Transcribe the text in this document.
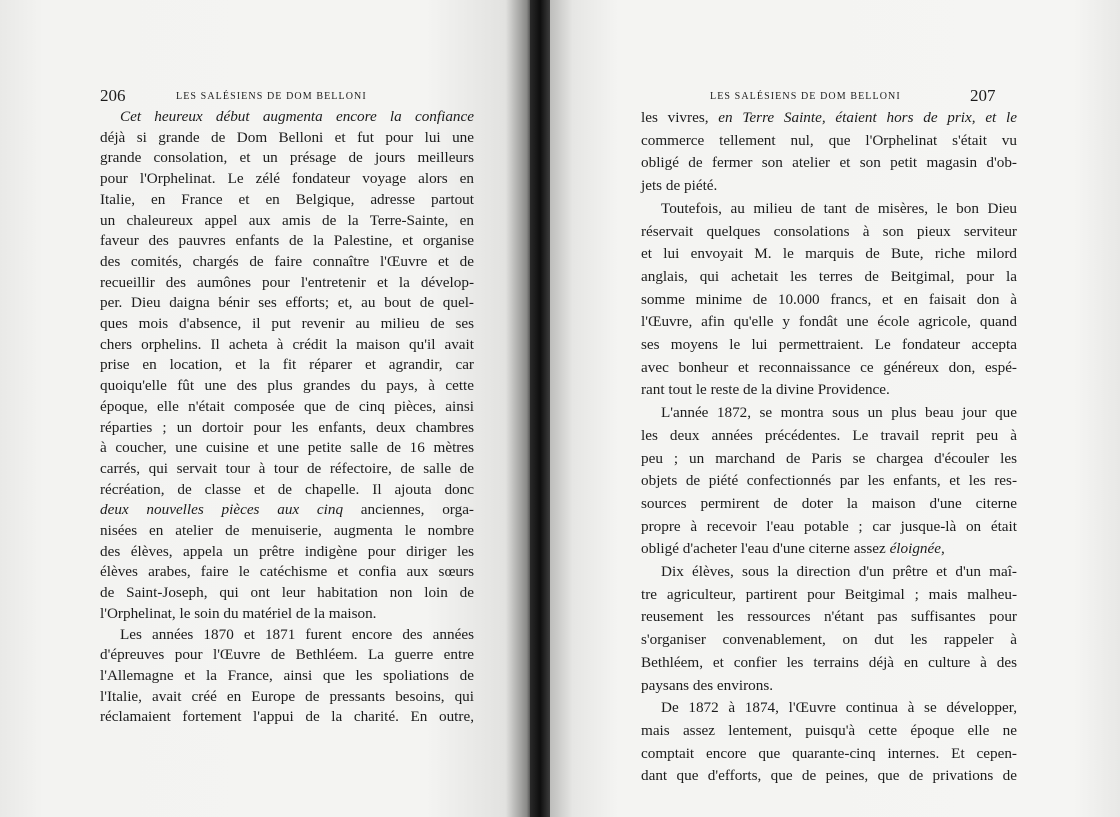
206	LES SALÉSIENS DE DOM BELLONI
Cet heureux début augmenta encore la confiance
déjà si grande de Dom Belloni et fut pour lui une
grande consolation, et un présage de jours meilleurs
pour l'Orphelinat. Le zélé fondateur voyage alors en
Italie, en France et en Belgique, adresse partout
un chaleureux appel aux amis de la Terre-Sainte, en
faveur des pauvres enfants de la Palestine, et organise
des comités, chargés de faire connaître l'Œuvre et de
recueillir des aumônes pour l'entretenir et la dévelop-
per. Dieu daigna bénir ses efforts; et, au bout de quel-
ques mois d'absence, il put revenir au milieu de ses
chers orphelins. Il acheta à crédit la maison qu'il avait
prise en location, et la fit réparer et agrandir, car
quoiqu'elle fût une des plus grandes du pays, à cette
époque, elle n'était composée que de cinq pièces, ainsi
réparties ; un dortoir pour les enfants, deux chambres
à coucher, une cuisine et une petite salle de 16 mètres
carrés, qui servait tour à tour de réfectoire, de salle de
récréation, de classe et de chapelle. Il ajouta donc
deux nouvelles pièces aux cinq anciennes, orga-
nisées en atelier de menuiserie, augmenta le nombre
des élèves, appela un prêtre indigène pour diriger les
élèves arabes, faire le catéchisme et confia aux sœurs
de Saint-Joseph, qui ont leur habitation non loin de
l'Orphelinat, le soin du matériel de la maison.
Les années 1870 et 1871 furent encore des années
d'épreuves pour l'Œuvre de Bethléem. La guerre entre
l'Allemagne et la France, ainsi que les spoliations de
l'Italie, avait créé en Europe de pressants besoins, qui
réclamaient fortement l'appui de la charité. En outre,
LES SALÉSIENS DE DOM BELLONI	207
les vivres, en Terre Sainte, étaient hors de prix, et le
commerce tellement nul, que l'Orphelinat s'était vu
obligé de fermer son atelier et son petit magasin d'ob-
jets de piété.
Toutefois, au milieu de tant de misères, le bon Dieu
réservait quelques consolations à son pieux serviteur
et lui envoyait M. le marquis de Bute, riche milord
anglais, qui achetait les terres de Beitgimal, pour la
somme minime de 10.000 francs, et en faisait don à
l'Œuvre, afin qu'elle y fondât une école agricole, quand
ses moyens le lui permettraient. Le fondateur accepta
avec bonheur et reconnaissance ce généreux don, espé-
rant tout le reste de la divine Providence.
L'année 1872, se montra sous un plus beau jour que
les deux années précédentes. Le travail reprit peu à
peu ; un marchand de Paris se chargea d'écouler les
objets de piété confectionnés par les enfants, et les res-
sources permirent de doter la maison d'une citerne
propre à recevoir l'eau potable ; car jusque-là on était
obligé d'acheter l'eau d'une citerne assez éloignée,
Dix élèves, sous la direction d'un prêtre et d'un maî-
tre agriculteur, partirent pour Beitgimal ; mais malheu-
reusement les ressources n'étant pas suffisantes pour
s'organiser convenablement, on dut les rappeler à
Bethléem, et confier les terrains déjà en culture à des
paysans des environs.
De 1872 à 1874, l'Œuvre continua à se développer,
mais assez lentement, puisqu'à cette époque elle ne
comptait encore que quarante-cinq internes. Et cepen-
dant que d'efforts, que de peines, que de privations de
